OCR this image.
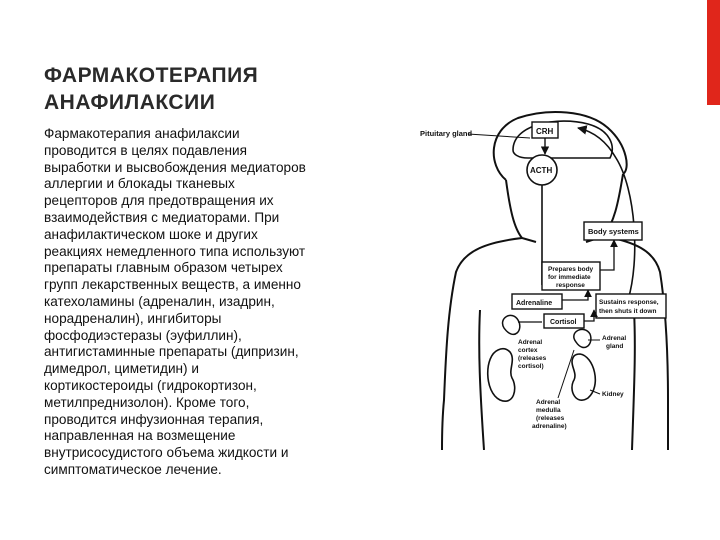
ФАРМАКОТЕРАПИЯ
АНАФИЛАКСИИ
Фармакотерапия анафилаксии
проводится в целях подавления
выработки и высвобождения медиаторов
аллергии и блокады тканевых
рецепторов для предотвращения их
взаимодействия с медиаторами. При
анафилактическом шоке и других
реакциях немедленного типа используют
препараты главным образом четырех
групп лекарственных веществ, а именно
катехоламины (адреналин, изадрин,
норадреналин), ингибиторы
фосфодиэстеразы (эуфиллин),
антигистаминные препараты (дипризин,
димедрол, циметидин) и
кортикостероиды (гидрокортизон,
метилпреднизолон). Кроме того,
проводится инфузионная терапия,
направленная на возмещение
внутрисосудистого объема жидкости и
симптоматическое лечение.
Pituitary gland	CRH
ACTH
Body systems
Prepares body
for immediate
response
Adrenaline	Sustains response,
then shuts it down
Cortisol
Adrenal
gland
Adrenal
cortex
(releases
cortisol)
Kidney
Adrenal
medulla
(releases
adrenaline)
